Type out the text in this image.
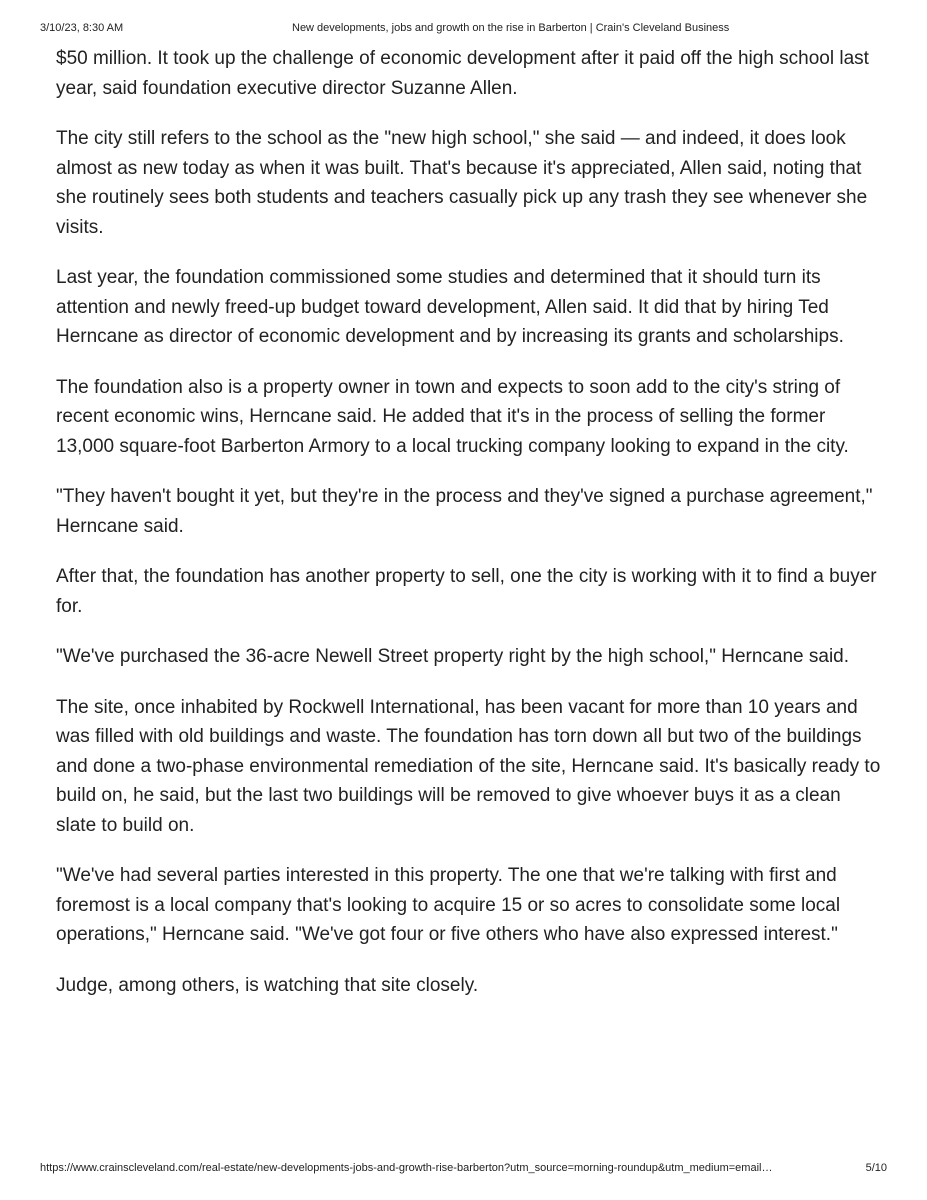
3/10/23, 8:30 AM	New developments, jobs and growth on the rise in Barberton | Crain's Cleveland Business

$50 million. It took up the challenge of economic development after it paid off the high school last year, said foundation executive director Suzanne Allen.

The city still refers to the school as the "new high school," she said — and indeed, it does look almost as new today as when it was built. That's because it's appreciated, Allen said, noting that she routinely sees both students and teachers casually pick up any trash they see whenever she visits.

Last year, the foundation commissioned some studies and determined that it should turn its attention and newly freed-up budget toward development, Allen said. It did that by hiring Ted Herncane as director of economic development and by increasing its grants and scholarships.

The foundation also is a property owner in town and expects to soon add to the city's string of recent economic wins, Herncane said. He added that it's in the process of selling the former 13,000 square-foot Barberton Armory to a local trucking company looking to expand in the city.

"They haven't bought it yet, but they're in the process and they've signed a purchase agreement," Herncane said.

After that, the foundation has another property to sell, one the city is working with it to find a buyer for.

"We've purchased the 36-acre Newell Street property right by the high school," Herncane said.

The site, once inhabited by Rockwell International, has been vacant for more than 10 years and was filled with old buildings and waste. The foundation has torn down all but two of the buildings and done a two-phase environmental remediation of the site, Herncane said. It's basically ready to build on, he said, but the last two buildings will be removed to give whoever buys it as a clean slate to build on.

"We've had several parties interested in this property. The one that we're talking with first and foremost is a local company that's looking to acquire 15 or so acres to consolidate some local operations," Herncane said. "We've got four or five others who have also expressed interest."

Judge, among others, is watching that site closely.

https://www.crainscleveland.com/real-estate/new-developments-jobs-and-growth-rise-barberton?utm_source=morning-roundup&utm_medium=email…	5/10
